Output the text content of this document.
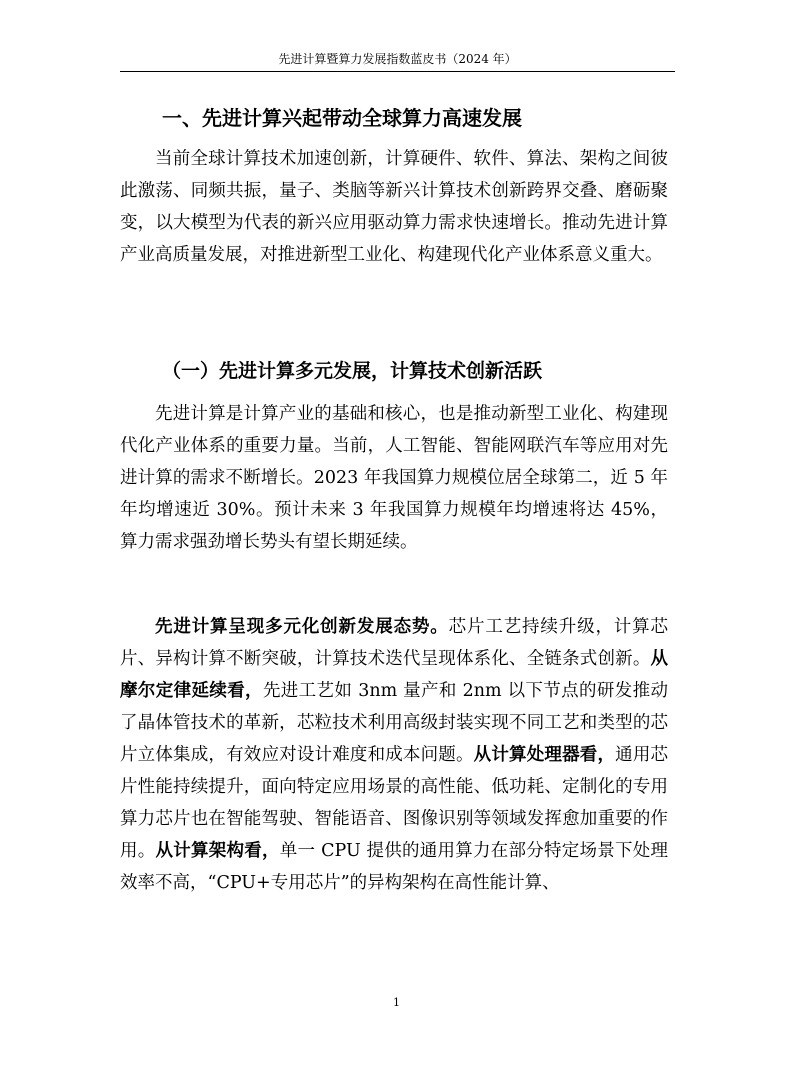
先进计算暨算力发展指数蓝皮书（2024 年）
一、先进计算兴起带动全球算力高速发展

当前全球计算技术加速创新，计算硬件、软件、算法、架构之间彼此激荡、同频共振，量子、类脑等新兴计算技术创新跨界交叠、磨砺聚变，以大模型为代表的新兴应用驱动算力需求快速增长。推动先进计算产业高质量发展，对推进新型工业化、构建现代化产业体系意义重大。

（一）先进计算多元发展，计算技术创新活跃

先进计算是计算产业的基础和核心，也是推动新型工业化、构建现代化产业体系的重要力量。当前，人工智能、智能网联汽车等应用对先进计算的需求不断增长。2023 年我国算力规模位居全球第二，近 5 年年均增速近 30%。预计未来 3 年我国算力规模年均增速将达 45%，算力需求强劲增长势头有望长期延续。

先进计算呈现多元化创新发展态势。芯片工艺持续升级，计算芯片、异构计算不断突破，计算技术迭代呈现体系化、全链条式创新。从摩尔定律延续看，先进工艺如 3nm 量产和 2nm 以下节点的研发推动了晶体管技术的革新，芯粒技术利用高级封装实现不同工艺和类型的芯片立体集成，有效应对设计难度和成本问题。从计算处理器看，通用芯片性能持续提升，面向特定应用场景的高性能、低功耗、定制化的专用算力芯片也在智能驾驶、智能语音、图像识别等领域发挥愈加重要的作用。从计算架构看，单一 CPU 提供的通用算力在部分特定场景下处理效率不高，“CPU+专用芯片”的异构架构在高性能计算、

1
